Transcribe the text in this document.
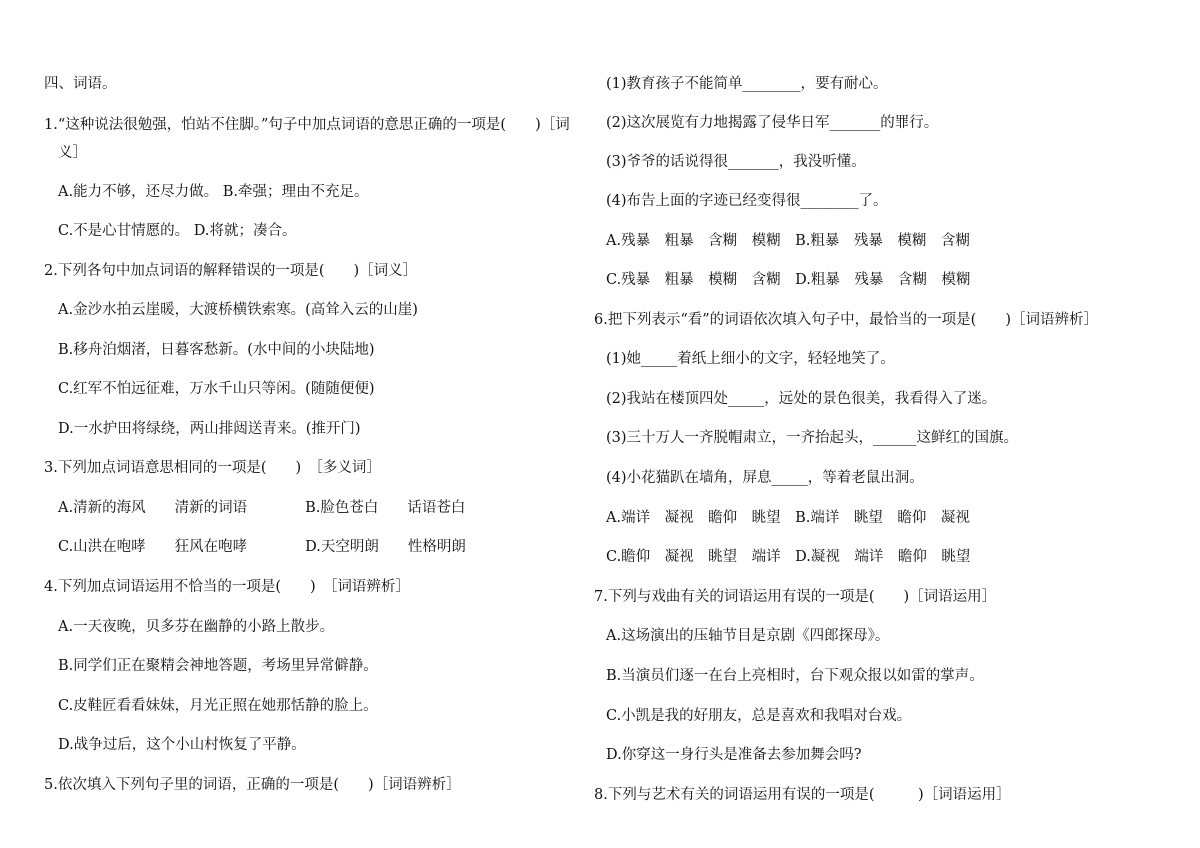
四、词语。
1.“这种说法很勉强，怕站不住脚。”句子中加点词语的意思正确的一项是(　　)［词
义］
A.能力不够，还尽力做。 B.牵强；理由不充足。
C.不是心甘情愿的。 D.将就；凑合。
2.下列各句中加点词语的解释错误的一项是(　　)［词义］
A.金沙水拍云崖暖，大渡桥横铁索寒。(高耸入云的山崖)
B.移舟泊烟渚，日暮客愁新。(水中间的小块陆地)
C.红军不怕远征难，万水千山只等闲。(随随便便)
D.一水护田将绿绕，两山排闼送青来。(推开门)
3.下列加点词语意思相同的一项是(　　)　［多义词］
A.清新的海风　　清新的词语　　　　B.脸色苍白　　话语苍白
C.山洪在咆哮　　狂风在咆哮　　　　D.天空明朗　　性格明朗
4.下列加点词语运用不恰当的一项是(　　)　［词语辨析］
A.一天夜晚，贝多芬在幽静的小路上散步。
B.同学们正在聚精会神地答题，考场里异常僻静。
C.皮鞋匠看看妹妹，月光正照在她那恬静的脸上。
D.战争过后，这个小山村恢复了平静。
5.依次填入下列句子里的词语，正确的一项是(　　)［词语辨析］
(1)教育孩子不能简单________，要有耐心。
(2)这次展览有力地揭露了侵华日军_______的罪行。
(3)爷爷的话说得很_______，我没听懂。
(4)布告上面的字迹已经变得很________了。
A.残暴　粗暴　含糊　模糊　B.粗暴　残暴　模糊　含糊
C.残暴　粗暴　模糊　含糊　D.粗暴　残暴　含糊　模糊
6.把下列表示“看”的词语依次填入句子中，最恰当的一项是(　　)［词语辨析］
(1)她_____着纸上细小的文字，轻轻地笑了。
(2)我站在楼顶四处_____，远处的景色很美，我看得入了迷。
(3)三十万人一齐脱帽肃立，一齐抬起头，______这鲜红的国旗。
(4)小花猫趴在墙角，屏息_____，等着老鼠出洞。
A.端详　凝视　瞻仰　眺望　B.端详　眺望　瞻仰　凝视
C.瞻仰　凝视　眺望　端详　D.凝视　端详　瞻仰　眺望
7.下列与戏曲有关的词语运用有误的一项是(　　)［词语运用］
A.这场演出的压轴节目是京剧《四郎探母》。
B.当演员们逐一在台上亮相时，台下观众报以如雷的掌声。
C.小凯是我的好朋友，总是喜欢和我唱对台戏。
D.你穿这一身行头是准备去参加舞会吗?
8.下列与艺术有关的词语运用有误的一项是(　　　)［词语运用］
